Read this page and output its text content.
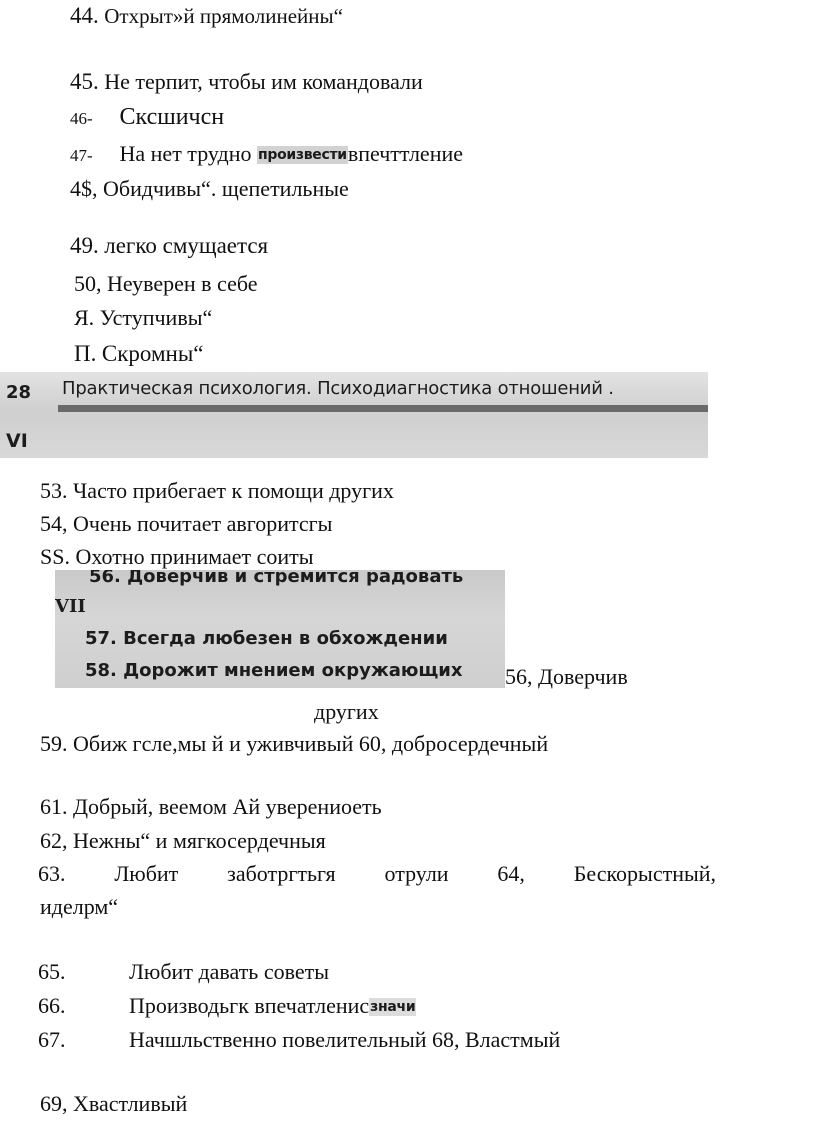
44. Отхрыт»й прямолинейны“
45. Не терпит, чтобы им командовали
46- Сксшичсн
47- На нет трудно произвестивпечттление
4$, Обидчивы“. щепетильные
49. легко смущается
50, Неуверен в себе
Я. Уступчивы“
П. Скромны“
28 Практическая психология. Психодиагностика отношений .
VI
53. Часто прибегает к помощи других
54, Очень почитает авгоритсгы
SS. Охотно принимает соиты
56. Доверчив и стремится радовать
VII
57. Всегда любезен в обхождении
58. Дорожит мнением окружающих 56, Доверчив
других
59. Обиж гсле,мы й и уживчивый 60, добросердечный
61. Добрый, веемом Ай уверениоеть
62, Нежны“ и мягкосердечныя
63. Любит заботргтьгя отрули 64, Бескорыстный,
иделрм“
65.	Любит давать советы
66.	Производьгк впечатленисзначи
67.	Начшльственно повелительный 68, Властмый
69, Хвастливый
